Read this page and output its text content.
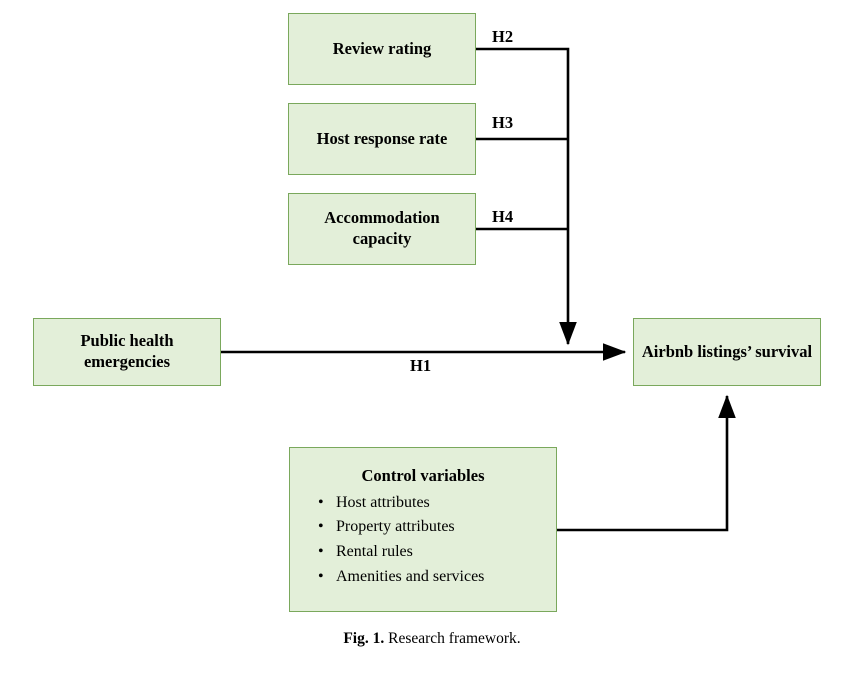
Review rating
Host response rate
Accommodation capacity
Public health emergencies
Airbnb listings’ survival
Control variables
• Host attributes
• Property attributes
• Rental rules
• Amenities and services
H1
H2
H3
H4
Fig. 1. Research framework.
